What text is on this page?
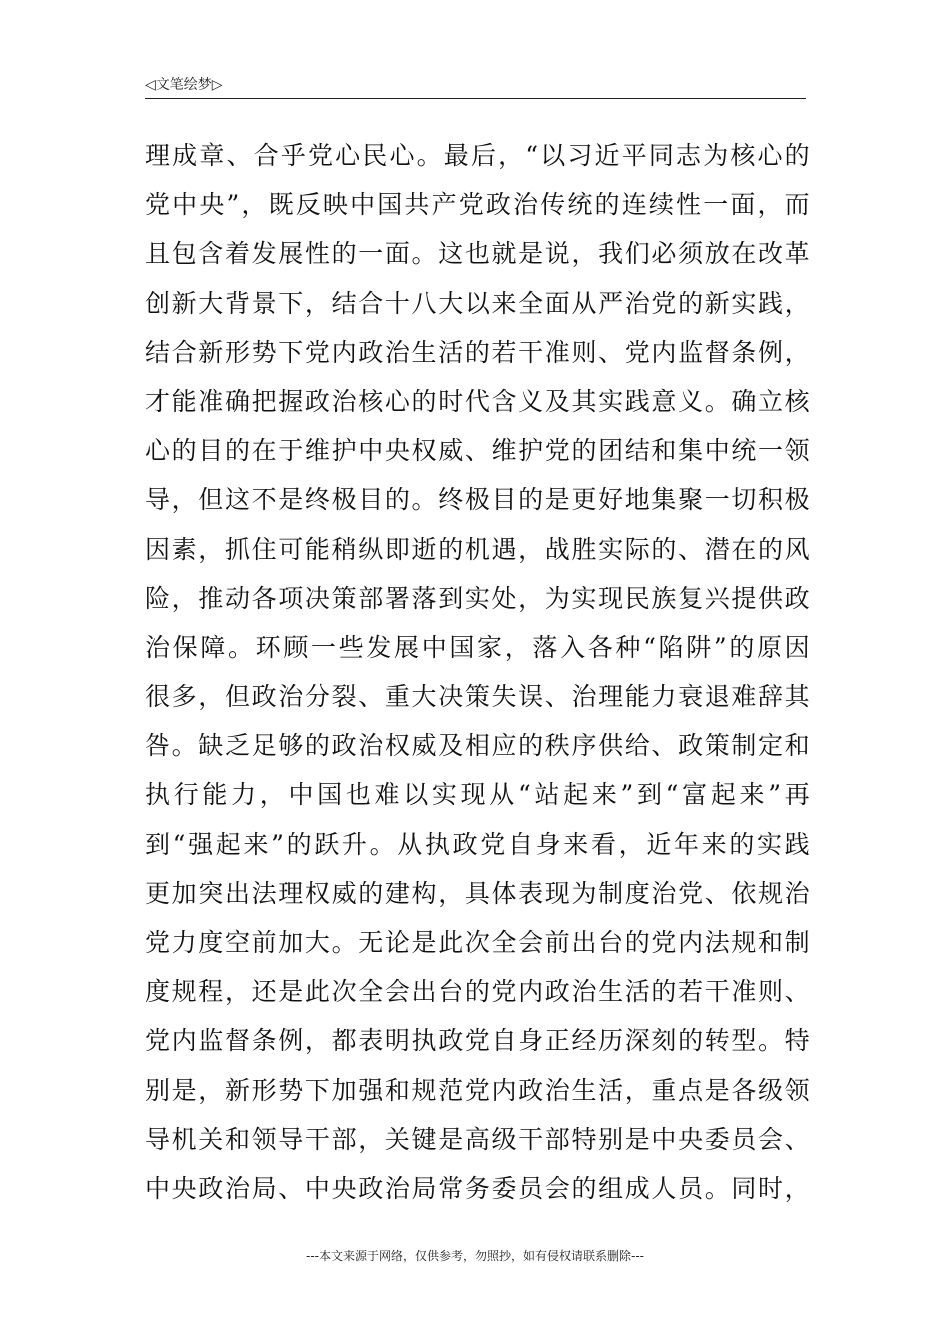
◁文笔绘梦▷
理成章、合乎党心民心。最后，“以习近平同志为核心的
党中央”，既反映中国共产党政治传统的连续性一面，而
且包含着发展性的一面。这也就是说，我们必须放在改革
创新大背景下，结合十八大以来全面从严治党的新实践，
结合新形势下党内政治生活的若干准则、党内监督条例，
才能准确把握政治核心的时代含义及其实践意义。确立核
心的目的在于维护中央权威、维护党的团结和集中统一领
导，但这不是终极目的。终极目的是更好地集聚一切积极
因素，抓住可能稍纵即逝的机遇，战胜实际的、潜在的风
险，推动各项决策部署落到实处，为实现民族复兴提供政
治保障。环顾一些发展中国家，落入各种“陷阱”的原因
很多，但政治分裂、重大决策失误、治理能力衰退难辞其
咎。缺乏足够的政治权威及相应的秩序供给、政策制定和
执行能力，中国也难以实现从“站起来”到“富起来”再
到“强起来”的跃升。从执政党自身来看，近年来的实践
更加突出法理权威的建构，具体表现为制度治党、依规治
党力度空前加大。无论是此次全会前出台的党内法规和制
度规程，还是此次全会出台的党内政治生活的若干准则、
党内监督条例，都表明执政党自身正经历深刻的转型。特
别是，新形势下加强和规范党内政治生活，重点是各级领
导机关和领导干部，关键是高级干部特别是中央委员会、
中央政治局、中央政治局常务委员会的组成人员。同时，
---本文来源于网络，仅供参考，勿照抄，如有侵权请联系删除---
